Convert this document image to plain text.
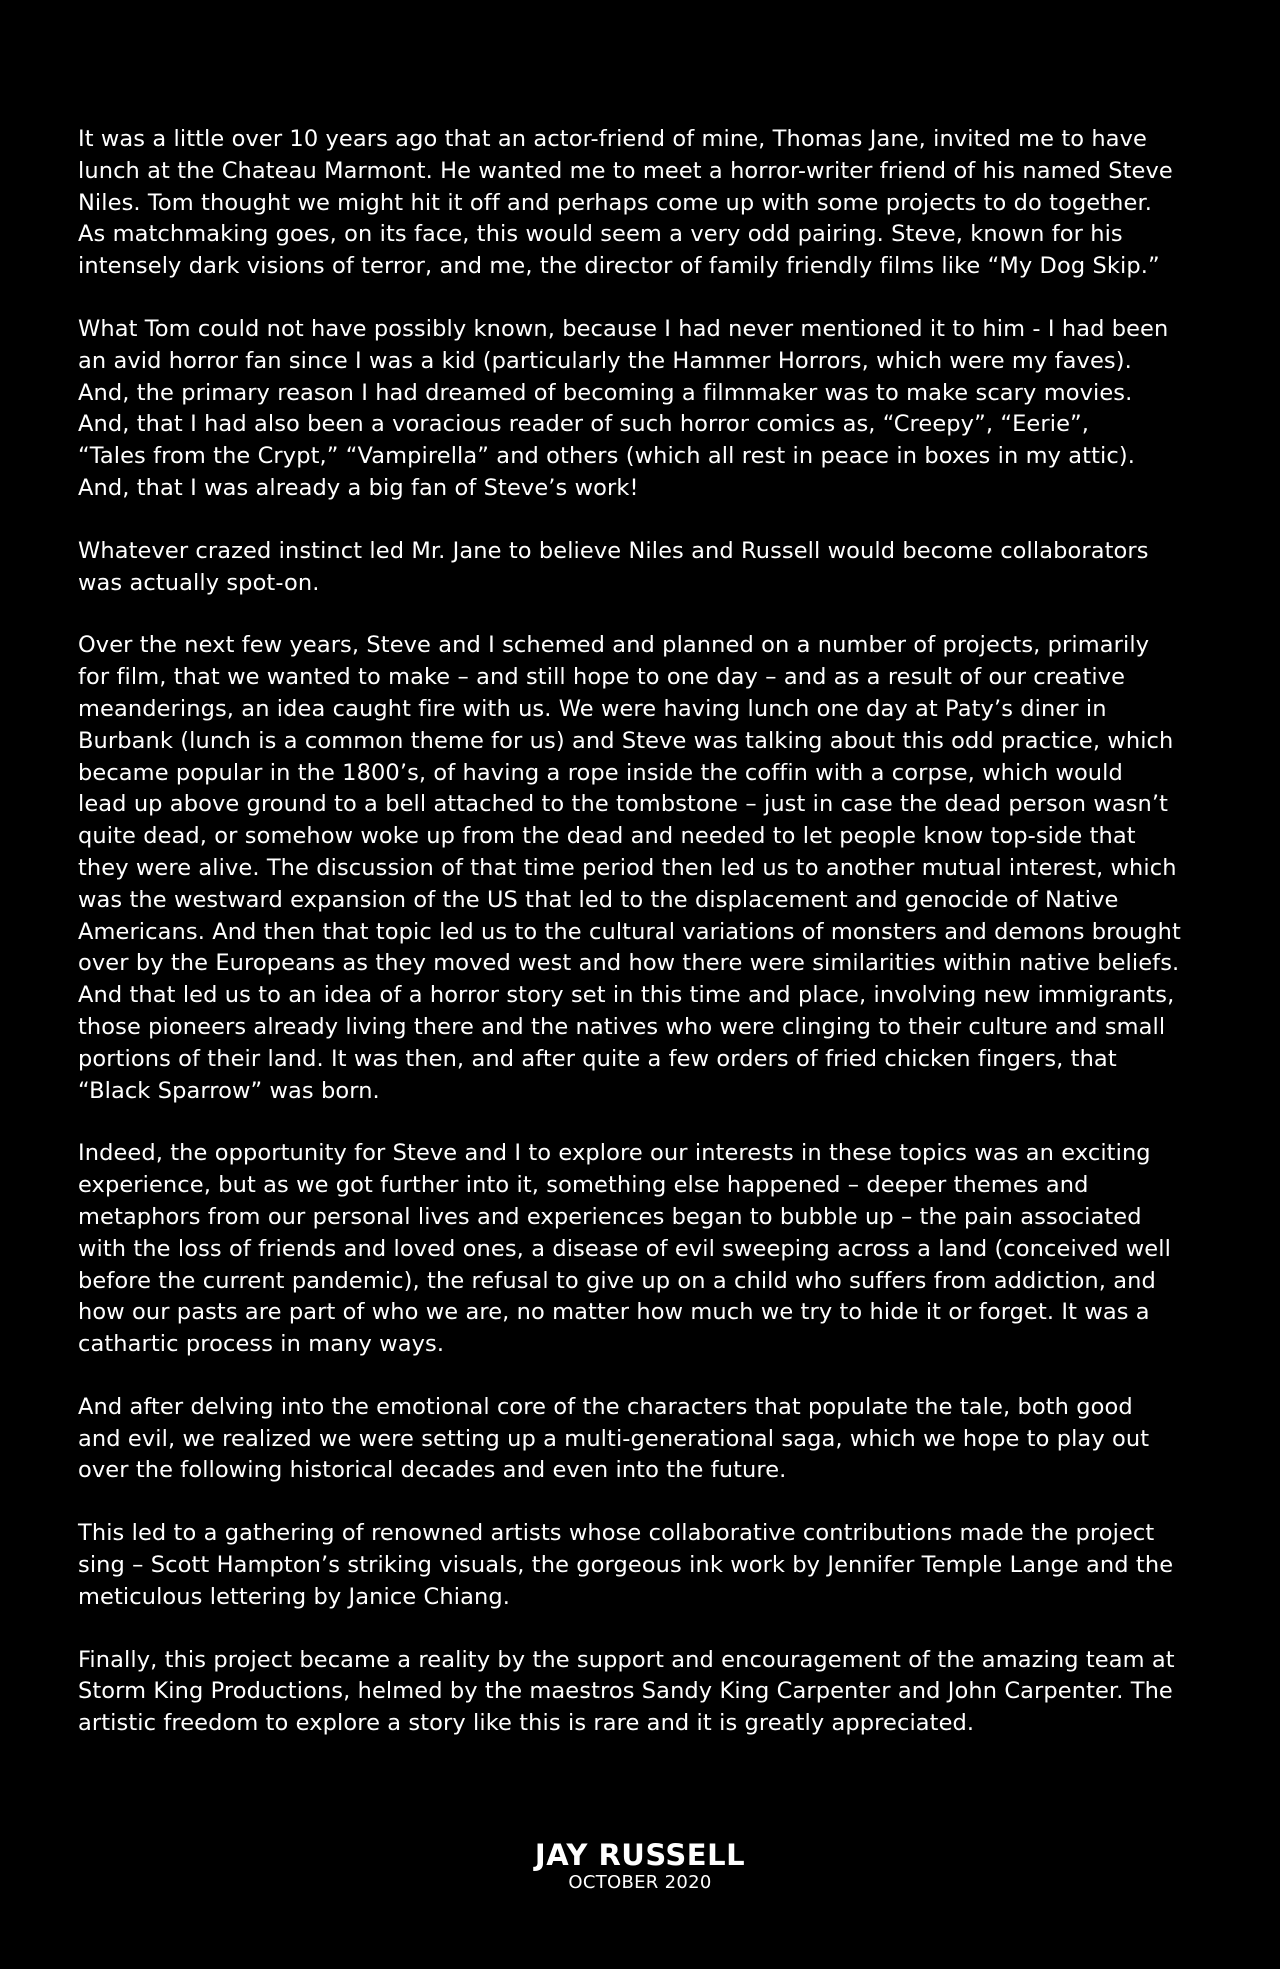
It was a little over 10 years ago that an actor-friend of mine, Thomas Jane, invited me to have
lunch at the Chateau Marmont. He wanted me to meet a horror-writer friend of his named Steve
Niles. Tom thought we might hit it off and perhaps come up with some projects to do together.
As matchmaking goes, on its face, this would seem a very odd pairing. Steve, known for his
intensely dark visions of terror, and me, the director of family friendly films like “My Dog Skip.”

What Tom could not have possibly known, because I had never mentioned it to him - I had been
an avid horror fan since I was a kid (particularly the Hammer Horrors, which were my faves).
And, the primary reason I had dreamed of becoming a filmmaker was to make scary movies.
And, that I had also been a voracious reader of such horror comics as, “Creepy”, “Eerie”,
“Tales from the Crypt,” “Vampirella” and others (which all rest in peace in boxes in my attic).
And, that I was already a big fan of Steve’s work!

Whatever crazed instinct led Mr. Jane to believe Niles and Russell would become collaborators
was actually spot-on.

Over the next few years, Steve and I schemed and planned on a number of projects, primarily
for film, that we wanted to make – and still hope to one day – and as a result of our creative
meanderings, an idea caught fire with us. We were having lunch one day at Paty’s diner in
Burbank (lunch is a common theme for us) and Steve was talking about this odd practice, which
became popular in the 1800’s, of having a rope inside the coffin with a corpse, which would
lead up above ground to a bell attached to the tombstone – just in case the dead person wasn’t
quite dead, or somehow woke up from the dead and needed to let people know top-side that
they were alive. The discussion of that time period then led us to another mutual interest, which
was the westward expansion of the US that led to the displacement and genocide of Native
Americans. And then that topic led us to the cultural variations of monsters and demons brought
over by the Europeans as they moved west and how there were similarities within native beliefs.
And that led us to an idea of a horror story set in this time and place, involving new immigrants,
those pioneers already living there and the natives who were clinging to their culture and small
portions of their land. It was then, and after quite a few orders of fried chicken fingers, that
“Black Sparrow” was born.

Indeed, the opportunity for Steve and I to explore our interests in these topics was an exciting
experience, but as we got further into it, something else happened – deeper themes and
metaphors from our personal lives and experiences began to bubble up – the pain associated
with the loss of friends and loved ones, a disease of evil sweeping across a land (conceived well
before the current pandemic), the refusal to give up on a child who suffers from addiction, and
how our pasts are part of who we are, no matter how much we try to hide it or forget. It was a
cathartic process in many ways.

And after delving into the emotional core of the characters that populate the tale, both good
and evil, we realized we were setting up a multi-generational saga, which we hope to play out
over the following historical decades and even into the future.

This led to a gathering of renowned artists whose collaborative contributions made the project
sing – Scott Hampton’s striking visuals, the gorgeous ink work by Jennifer Temple Lange and the
meticulous lettering by Janice Chiang.

Finally, this project became a reality by the support and encouragement of the amazing team at
Storm King Productions, helmed by the maestros Sandy King Carpenter and John Carpenter. The
artistic freedom to explore a story like this is rare and it is greatly appreciated.

JAY RUSSELL
OCTOBER 2020
